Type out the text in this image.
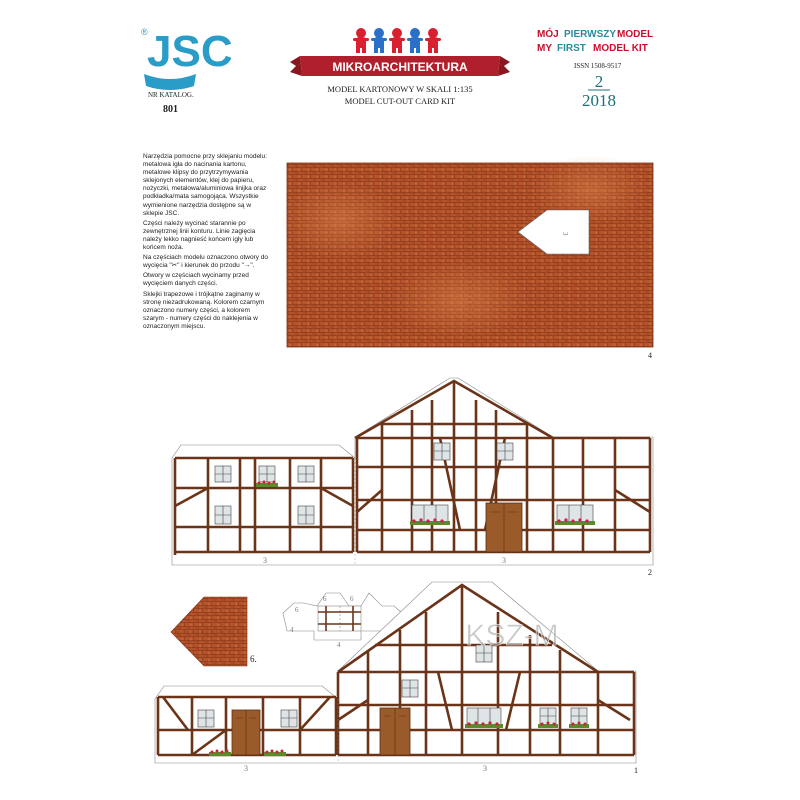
JSC
®
NR KATALOG.
801
MIKROARCHITEKTURA
MODEL KARTONOWY W SKALI 1:135
MODEL CUT-OUT CARD KIT
MÓJ PIERWSZY MODEL
MY FIRST MODEL KIT
ISSN 1508-9517
2
2018
3
4
3	3
2
6.
6	6
6
4
4
3	3	1
KSZ-M

Narzędzia pomocne przy sklejaniu modelu: metalowa igła do nacinania kartonu, metalowe klipsy do przytrzymywania sklejonych elementów, klej do papieru, nożyczki, metalowa/aluminiowa linijka oraz podkładka/mata samogojąca. Wszystkie wymienione narzędzia dostępne są w sklepie JSC.

Części należy wycinać starannie po zewnętrznej linii konturu. Linie zagięcia należy lekko nagnieść końcem igły lub końcem noża.

Na częściach modelu oznaczono otwory do wycięcia "✂" i kierunek do przodu "→".

Otwory w częściach wycinamy przed wycięciem danych części.

Sklejki trapezowe i trójkątne zaginamy w stronę niezadrukowaną. Kolorem czarnym oznaczono numery części, a kolorem szarym - numery części do naklejenia w oznaczonym miejscu.
